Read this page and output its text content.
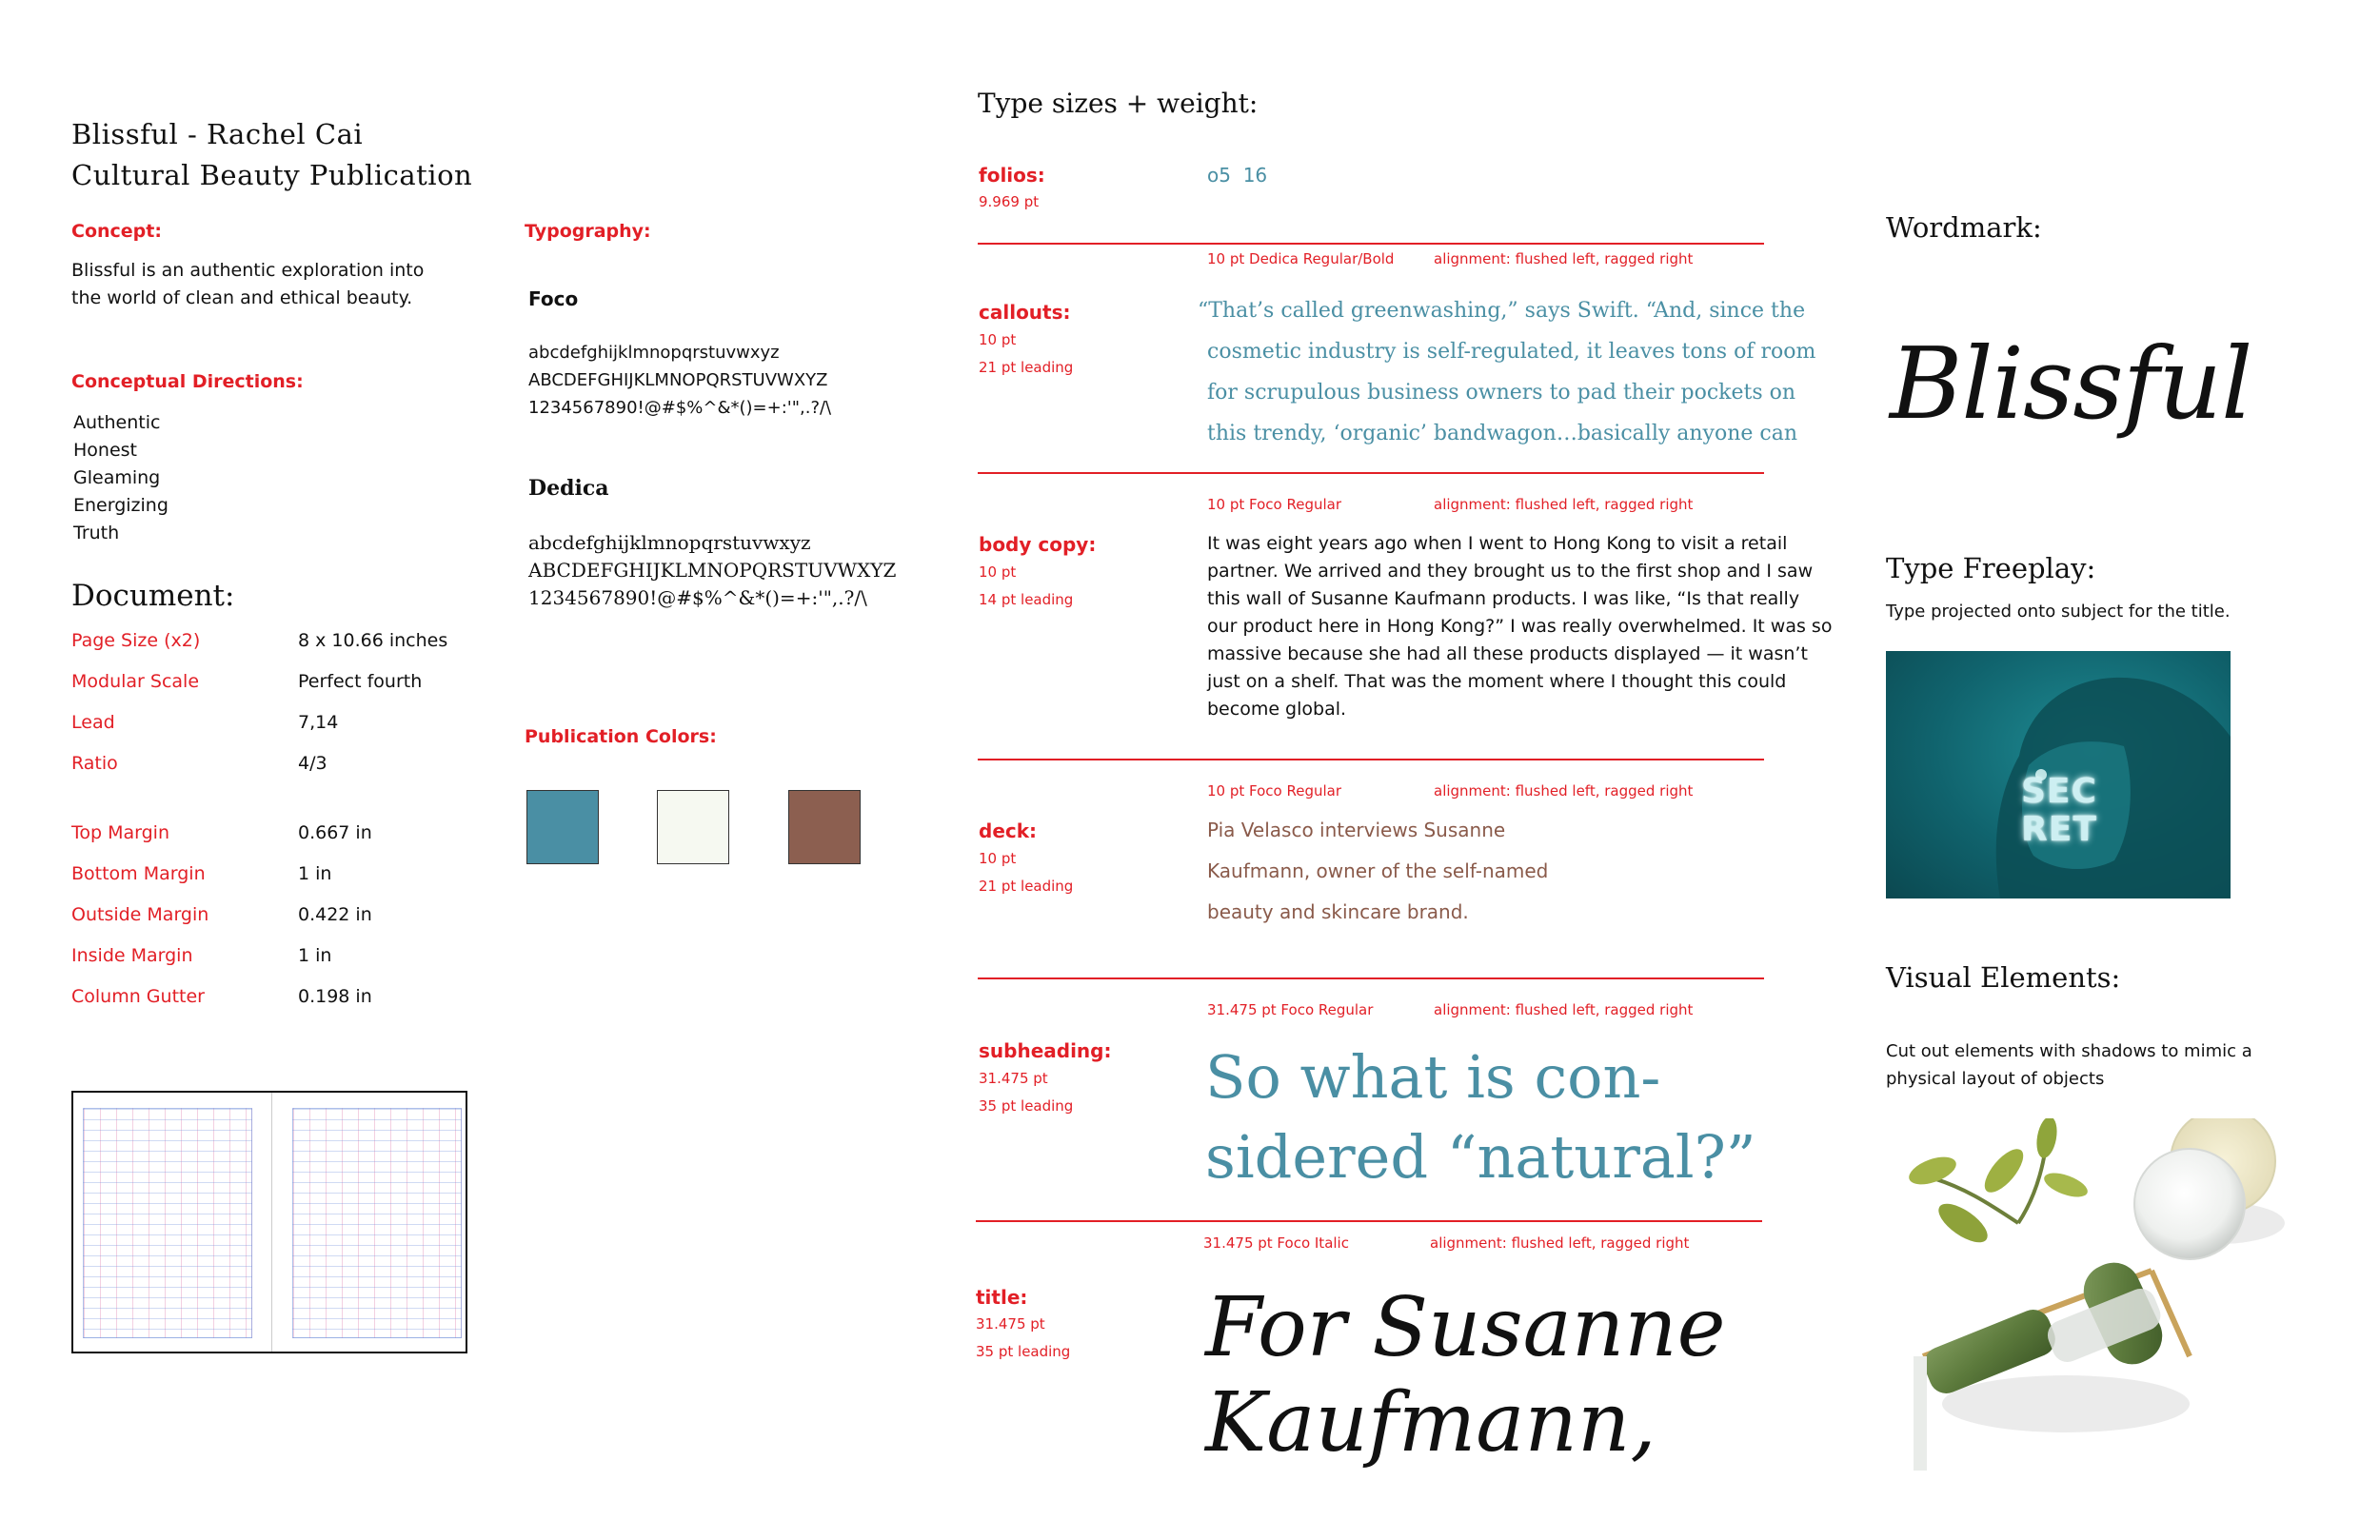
Blissful - Rachel Cai
Cultural Beauty Publication
Concept:
Blissful is an authentic exploration into
the world of clean and ethical beauty.
Conceptual Directions:
Authentic
Honest
Gleaming
Energizing
Truth
Document:
Page Size (x2)	8 x 10.66 inches
Modular Scale	Perfect fourth
Lead	7,14
Ratio	4/3
Top Margin	0.667 in
Bottom Margin	1 in
Outside Margin	0.422 in
Inside Margin	1 in
Column Gutter	0.198 in
Typography:
Foco
abcdefghijklmnopqrstuvwxyz
ABCDEFGHIJKLMNOPQRSTUVWXYZ
1234567890!@#$%^&*()=+:'",.?/\
Dedica
abcdefghijklmnopqrstuvwxyz
ABCDEFGHIJKLMNOPQRSTUVWXYZ
1234567890!@#$%^&*()=+:'",.?/\
Publication Colors:
Type sizes + weight:
folios:
9.969 pt
o5 16
10 pt Dedica Regular/Bold	alignment: flushed left, ragged right
callouts:
10 pt
21 pt leading
“That’s called greenwashing,” says Swift. “And, since the
cosmetic industry is self-regulated, it leaves tons of room
for scrupulous business owners to pad their pockets on
this trendy, ‘organic’ bandwagon…basically anyone can
10 pt Foco Regular	alignment: flushed left, ragged right
body copy:
10 pt
14 pt leading
It was eight years ago when I went to Hong Kong to visit a retail
partner. We arrived and they brought us to the first shop and I saw
this wall of Susanne Kaufmann products. I was like, “Is that really
our product here in Hong Kong?” I was really overwhelmed. It was so
massive because she had all these products displayed — it wasn’t
just on a shelf. That was the moment where I thought this could
become global.
10 pt Foco Regular	alignment: flushed left, ragged right
deck:
10 pt
21 pt leading
Pia Velasco interviews Susanne
Kaufmann, owner of the self-named
beauty and skincare brand.
31.475 pt Foco Regular	alignment: flushed left, ragged right
subheading:
31.475 pt
35 pt leading So what is con-
sidered “natural?”
31.475 pt Foco Italic	alignment: flushed left, ragged right
title:
31.475 pt
35 pt leading For Susanne
Kaufmann,
Wordmark:
Blissful
Type Freeplay:
Type projected onto subject for the title.
SEC
RET
Visual Elements:
Cut out elements with shadows to mimic a
physical layout of objects
